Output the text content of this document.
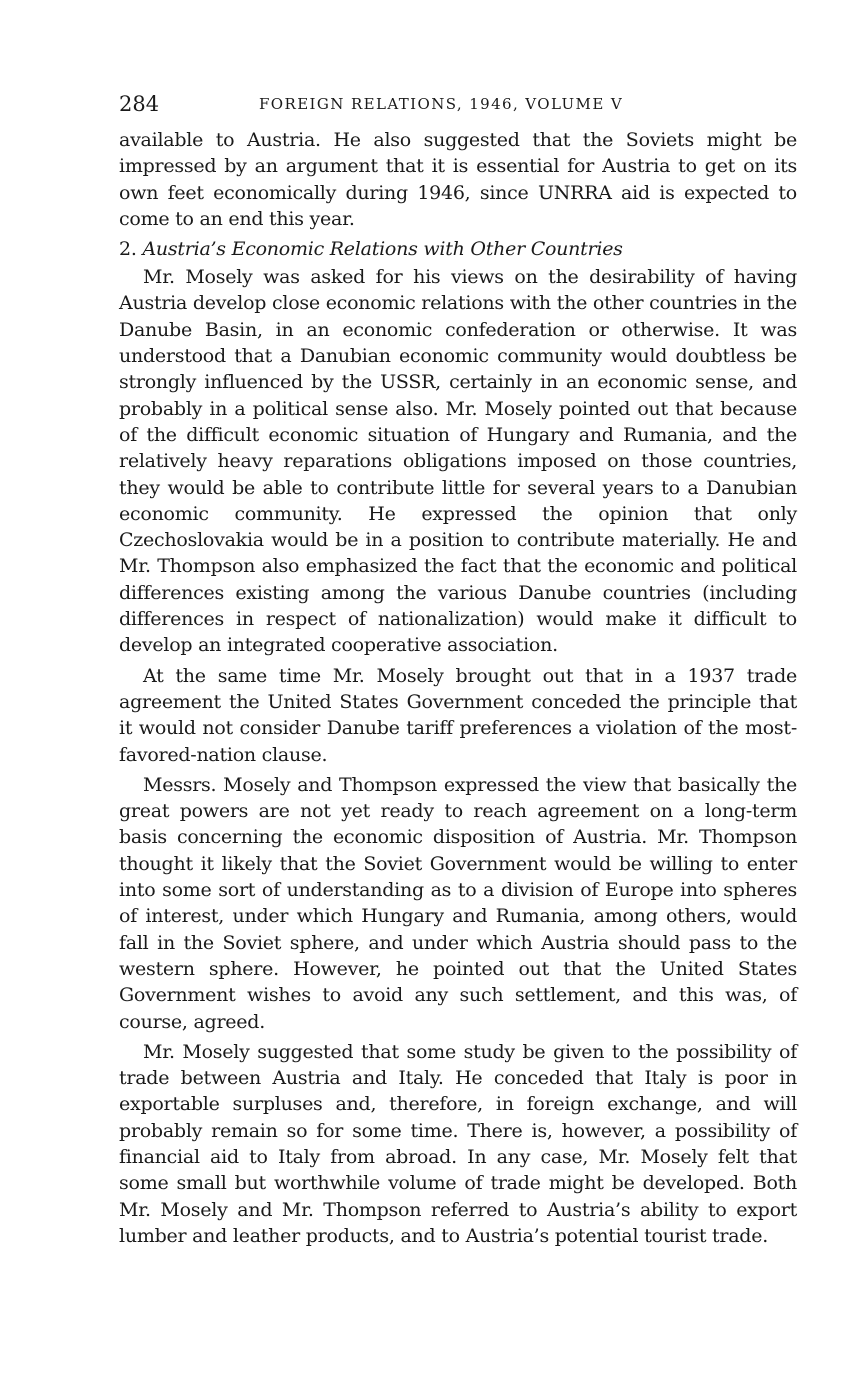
284	FOREIGN RELATIONS, 1946, VOLUME V

available to Austria. He also suggested that the Soviets might be impressed by an argument that it is essential for Austria to get on its own feet economically during 1946, since UNRRA aid is expected to come to an end this year.

2. Austria’s Economic Relations with Other Countries

Mr. Mosely was asked for his views on the desirability of having Austria develop close economic relations with the other countries in the Danube Basin, in an economic confederation or otherwise. It was understood that a Danubian economic community would doubtless be strongly influenced by the USSR, certainly in an economic sense, and probably in a political sense also. Mr. Mosely pointed out that because of the difficult economic situation of Hungary and Rumania, and the relatively heavy reparations obligations imposed on those countries, they would be able to contribute little for several years to a Danubian economic community. He expressed the opinion that only Czechoslovakia would be in a position to contribute materially. He and Mr. Thompson also emphasized the fact that the economic and political differences existing among the various Danube countries (including differences in respect of nationalization) would make it difficult to develop an integrated cooperative association.

At the same time Mr. Mosely brought out that in a 1937 trade agreement the United States Government conceded the principle that it would not consider Danube tariff preferences a violation of the most-favored-nation clause.

Messrs. Mosely and Thompson expressed the view that basically the great powers are not yet ready to reach agreement on a long-term basis concerning the economic disposition of Austria. Mr. Thompson thought it likely that the Soviet Government would be willing to enter into some sort of understanding as to a division of Europe into spheres of interest, under which Hungary and Rumania, among others, would fall in the Soviet sphere, and under which Austria should pass to the western sphere. However, he pointed out that the United States Government wishes to avoid any such settlement, and this was, of course, agreed.

Mr. Mosely suggested that some study be given to the possibility of trade between Austria and Italy. He conceded that Italy is poor in exportable surpluses and, therefore, in foreign exchange, and will probably remain so for some time. There is, however, a possibility of financial aid to Italy from abroad. In any case, Mr. Mosely felt that some small but worthwhile volume of trade might be developed. Both Mr. Mosely and Mr. Thompson referred to Austria’s ability to export lumber and leather products, and to Austria’s potential tourist trade.
